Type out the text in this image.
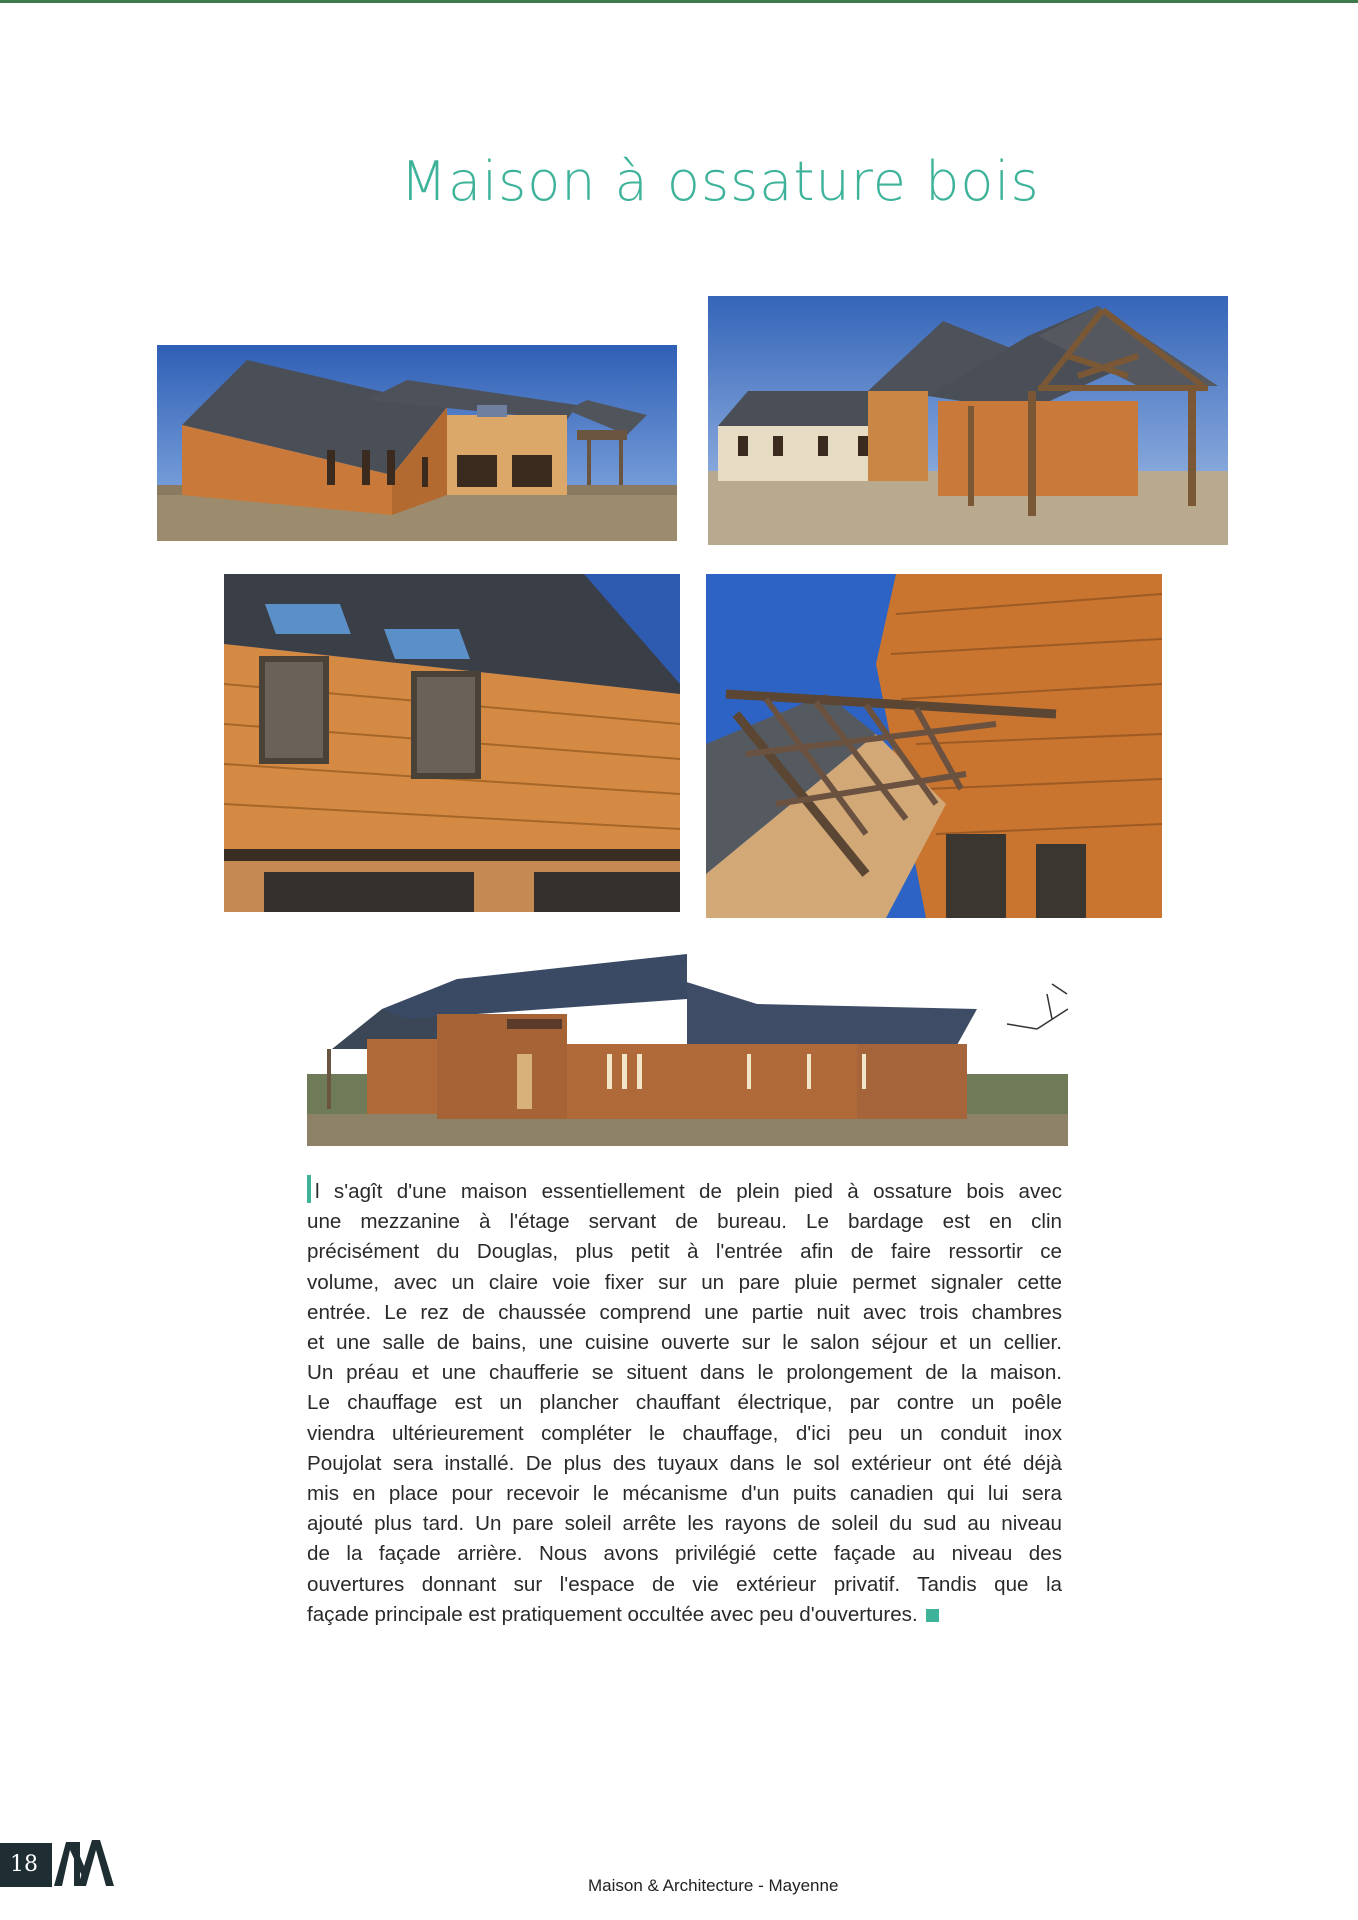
Maison à ossature bois
l s'agît d'une maison essentiellement de plein pied à ossature bois avec
une mezzanine à l'étage servant de bureau. Le bardage est en clin
précisément du Douglas, plus petit à l'entrée afin de faire ressortir ce
volume, avec un claire voie fixer sur un pare pluie permet signaler cette
entrée. Le rez de chaussée comprend une partie nuit avec trois chambres
et une salle de bains, une cuisine ouverte sur le salon séjour et un cellier.
Un préau et une chaufferie se situent dans le prolongement de la maison.
Le chauffage est un plancher chauffant électrique, par contre un poêle
viendra ultérieurement compléter le chauffage, d'ici peu un conduit inox
Poujolat sera installé. De plus des tuyaux dans le sol extérieur ont été déjà
mis en place pour recevoir le mécanisme d'un puits canadien qui lui sera
ajouté plus tard. Un pare soleil arrête les rayons de soleil du sud au niveau
de la façade arrière. Nous avons privilégié cette façade au niveau des
ouvertures donnant sur l'espace de vie extérieur privatif. Tandis que la
façade principale est pratiquement occultée avec peu d'ouvertures.
18
Maison & Architecture - Mayenne
